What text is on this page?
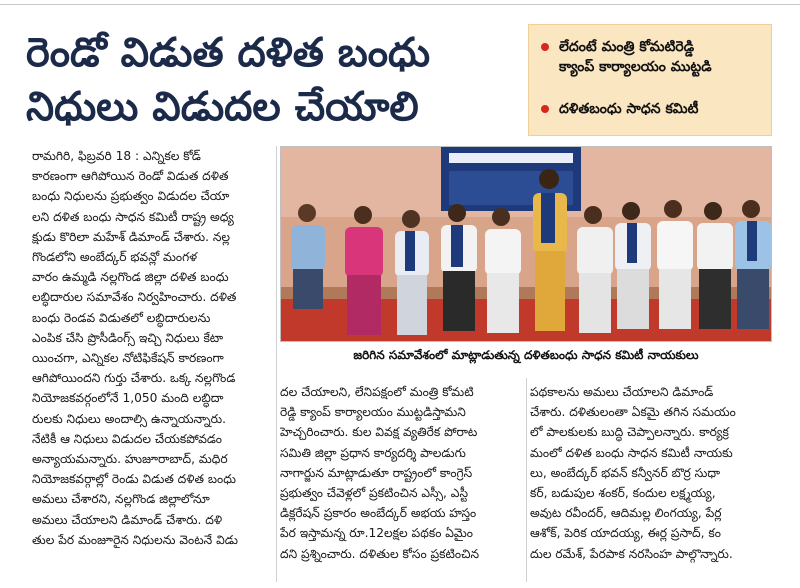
రెండో విడుత దళిత బంధు
నిధులు విడుదల చేయాలి
లేదంటే మంత్రి కోమటిరెడ్డి
క్యాంప్ కార్యాలయం ముట్టడి
దళితబంధు సాధన కమిటీ
రామగిరి, ఫిబ్రవరి 18 : ఎన్నికల కోడ్
కారణంగా ఆగిపోయిన రెండో విడుత దళిత
బంధు నిధులను ప్రభుత్వం విడుదల చేయా
లని దళిత బంధు సాధన కమిటీ రాష్ట్ర అధ్య
క్షుడు కొరిలా మహేశ్ డిమాండ్ చేశారు. నల్ల
గొండలోని అంబేద్కర్ భవన్లో మంగళ
వారం ఉమ్మడి నల్లగొండ జిల్లా దళిత బంధు
లబ్ధిదారుల సమావేశం నిర్వహించారు. దళిత
బంధు రెండవ విడుతలో లబ్ధిదారులను
ఎంపిక చేసి ప్రొసీడింగ్స్ ఇచ్చి నిధులు కేటా
యించగా, ఎన్నికల నోటిఫికేషన్ కారణంగా
ఆగిపోయిందని గుర్తు చేశారు. ఒక్క నల్లగొండ
నియోజకవర్గంలోనే 1,050 మంది లబ్ధిదా
రులకు నిధులు అందాల్సి ఉన్నాయన్నారు.
నేటికీ ఆ నిధులు విడుదల చేయకపోవడం
అన్యాయమన్నారు. హుజూరాబాద్, మధిర
నియోజకవర్గాల్లో రెండు విడుత దళిత బంధు
అమలు చేశారని, నల్లగొండ జిల్లాలోనూ
అమలు చేయాలని డిమాండ్ చేశారు. దళి
తుల పేర మంజూరైన నిధులను వెంటనే విడు
జరిగిన సమావేశంలో మాట్లాడుతున్న దళితబంధు సాధన కమిటీ నాయకులు
దల చేయాలని, లేనిపక్షంలో మంత్రి కోమటి
రెడ్డి క్యాంప్ కార్యాలయం ముట్టడిస్తామని
హెచ్చరించారు. కుల వివక్ష వ్యతిరేక పోరాట
సమితి జిల్లా ప్రధాన కార్యదర్శి పాలడుగు
నాగార్జున మాట్లాడుతూ రాష్ట్రంలో కాంగ్రెస్
ప్రభుత్వం చేవెళ్లలో ప్రకటించిన ఎస్సీ, ఎస్టీ
డిక్లరేషన్ ప్రకారం అంబేద్కర్ అభయ హస్తం
పేర ఇస్తామన్న రూ.12లక్షల పథకం ఏమైం
దని ప్రశ్నించారు. దళితుల కోసం ప్రకటించిన
పథకాలను అమలు చేయాలని డిమాండ్
చేశారు. దళితులంతా ఏకమై తగిన సమయం
లో పాలకులకు బుద్ధి చెప్పాలన్నారు. కార్యక్ర
మంలో దళిత బంధు సాధన కమిటీ నాయకు
లు, అంబేద్కర్ భవన్ కన్వీనర్ బొర్ర సుధా
కర్, బడుపుల శంకర్, కందుల లక్ష్మయ్య,
అవుట రవీందర్, ఆదిమల్ల లింగయ్య, పేర్ల
ఆశోక్, పెరిక యాదయ్య, ఈర్ల ప్రసాద్, కం
దుల రమేశ్, పేరపాక నరసింహ పాల్గొన్నారు.
